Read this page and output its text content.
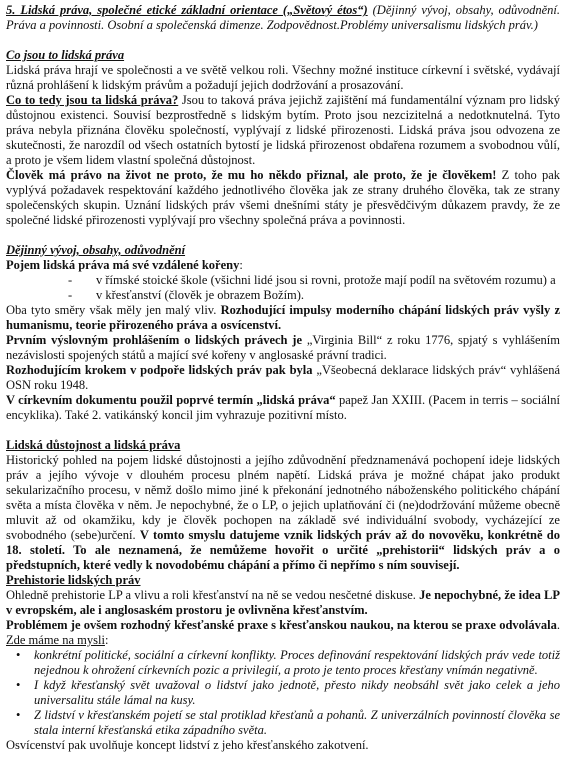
5. Lidská práva, společné etické základní orientace („Světový étos“) (Dějinný vývoj, obsahy, odůvodnění. Práva a povinnosti. Osobní a společenská dimenze. Zodpovědnost.Problémy universalismu lidských práv.)

Co jsou to lidská práva

Lidská práva hrají ve společnosti a ve světě velkou roli. Všechny možné instituce církevní i světské, vydávají různá prohlášení k lidským právům a požadují jejich dodržování a prosazování.

Co to tedy jsou ta lidská práva? Jsou to taková práva jejichž zajištění má fundamentální význam pro lidský důstojnou existenci. Souvisí bezprostředně s lidským bytím. Proto jsou nezcizitelná a nedotknutelná. Tyto práva nebyla přiznána člověku společností, vyplývají z lidské přirozenosti. Lidská práva jsou odvozena ze skutečnosti, že narozdíl od všech ostatních bytostí je lidská přirozenost obdařena rozumem a svobodnou vůlí, a proto je všem lidem vlastní společná důstojnost.

Člověk má právo na život ne proto, že mu ho někdo přiznal, ale proto, že je člověkem! Z toho pak vyplývá požadavek respektování každého jednotlivého člověka jak ze strany druhého člověka, tak ze strany společenských skupin. Uznání lidských práv všemi dnešními státy je přesvědčivým důkazem pravdy, že ze společné lidské přirozenosti vyplývají pro všechny společná práva a povinnosti.

Dějinný vývoj, obsahy, odůvodnění

Pojem lidská práva má své vzdálené kořeny:

- v římské stoické škole (všichni lidé jsou si rovni, protože mají podíl na světovém rozumu) a
- v křesťanství (člověk je obrazem Božím).

Oba tyto směry však měly jen malý vliv. Rozhodující impulsy moderního chápání lidských práv vyšly z humanismu, teorie přirozeného práva a osvícenství.

Prvním výslovným prohlášením o lidských právech je „Virginia Bill“ z roku 1776, spjatý s vyhlášením nezávislosti spojených států a mající své kořeny v anglosaské právní tradici.

Rozhodujícím krokem v podpoře lidských práv pak byla „Všeobecná deklarace lidských práv“ vyhlášená OSN roku 1948.

V církevním dokumentu použil poprvé termín „lidská práva“ papež Jan XXIII. (Pacem in terris – sociální encyklika). Také 2. vatikánský koncil jim vyhrazuje pozitivní místo.

Lidská důstojnost a lidská práva

Historický pohled na pojem lidské důstojnosti a jejího zdůvodnění předznamenává pochopení ideje lidských práv a jejího vývoje v dlouhém procesu plném napětí. Lidská práva je možné chápat jako produkt sekularizačního procesu, v němž došlo mimo jiné k překonání jednotného náboženského politického chápání světa a místa člověka v něm. Je nepochybné, že o LP, o jejich uplatňování či (ne)dodržování můžeme obecně mluvit až od okamžiku, kdy je člověk pochopen na základě své individuální svobody, vycházející ze svobodného (sebe)určení. V tomto smyslu datujeme vznik lidských práv až do novověku, konkrétně do 18. století. To ale neznamená, že nemůžeme hovořit o určité „prehistorii“ lidských práv a o předstupních, které vedly k novodobému chápání a přímo či nepřímo s ním souvisejí.

Prehistorie lidských práv

Ohledně prehistorie LP a vlivu a roli křesťanství na ně se vedou nesčetné diskuse. Je nepochybné, že idea LP v evropském, ale i anglosaském prostoru je ovlivněna křesťanstvím.

Problémem je ovšem rozhodný křesťanské praxe s křesťanskou naukou, na kterou se praxe odvolávala. Zde máme na mysli:

• konkrétní politické, sociální a církevní konflikty. Proces definování respektování lidských práv vede totiž nejednou k ohrožení církevních pozic a privilegií, a proto je tento proces křesťany vnímán negativně.
• I když křesťanský svět uvažoval o lidství jako jednotě, přesto nikdy neobsáhl svět jako celek a jeho universalitu stále lámal na kusy.
• Z lidství v křesťanském pojetí se stal protiklad křesťanů a pohanů. Z univerzálních povinností člověka se stala interní křesťanská etika západního světa.

Osvícenství pak uvolňuje koncept lidství z jeho křesťanského zakotvení.
